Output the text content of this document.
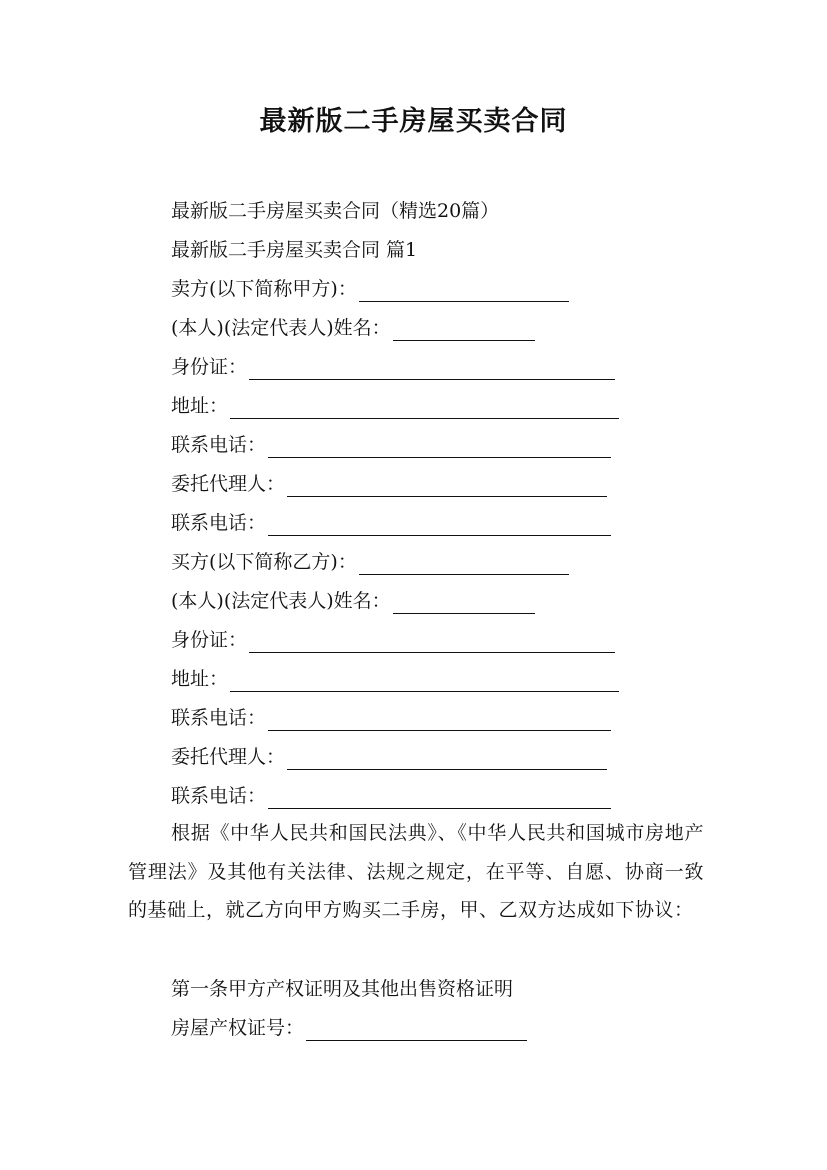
最新版二手房屋买卖合同
最新版二手房屋买卖合同（精选20篇）
最新版二手房屋买卖合同 篇1
卖方(以下简称甲方)：
(本人)(法定代表人)姓名：
身份证：
地址：
联系电话：
委托代理人：
联系电话：
买方(以下简称乙方)：
(本人)(法定代表人)姓名：
身份证：
地址：
联系电话：
委托代理人：
联系电话：
根据《中华人民共和国民法典》、《中华人民共和国城市房地产管理法》及其他有关法律、法规之规定，在平等、自愿、协商一致的基础上，就乙方向甲方购买二手房，甲、乙双方达成如下协议：
第一条甲方产权证明及其他出售资格证明
房屋产权证号：
